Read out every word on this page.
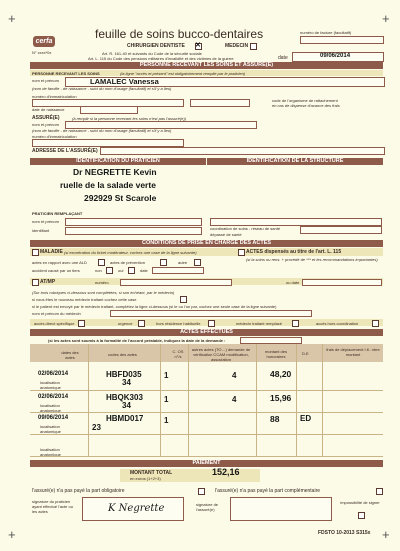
+	+
+	+
cerfa
N° xxxx*0x
feuille de soins bucco-dentaires
CHIRURGIEN DENTISTE ✕	MEDECIN
Art. R. 161-40 et suivants du Code de la sécurité sociale
Art. L. 115 du Code des pensions militaires d'invalidité et des victimes de la guerre
numéro de facture (facultatif)
date	09/06/2014
PERSONNE RECEVANT LES SOINS ET ASSURÉ(E)
PERSONNE RECEVANT LES SOINS	(la ligne "accès et présent" est obligatoirement remplie par le praticien)
nom et prénom	LAMALEC Vanessa
(nom de famille - de naissance - suivi du nom d'usage (facultatif) et s'il y a lieu)
numéro d'immatriculation
date de naissance
code de l'organisme de rattachement
en cas de dispense d'avance des frais
ASSURÉ(E)	(à remplir si la personne recevant les soins n'est pas l'assuré(e))
nom et prénom
(nom de famille - de naissance - suivi du nom d'usage (facultatif) et s'il y a lieu)
numéro d'immatriculation
ADRESSE DE L'ASSURÉ(E)
IDENTIFICATION DU PRATICIEN	IDENTIFICATION DE LA STRUCTURE
Dr NEGRETTE Kevin
ruelle de la salade verte
292929 St Scarole
PRATICIEN REMPLAÇANT
nom et prénom
identifiant	coordination de soins - réseau de santé
dépassé de santé
CONDITIONS DE PRISE EN CHARGE DES ACTES
MALADIE (si exonération du ticket modérateur, cochez une case de la ligne suivante)	ACTES dispensés au titre de l'art. L. 115
(si la soins ou rens. + procédé de *** et les recommandations importantes)
actes en rapport avec une ALD	actes de prévention	autre
accident causé par un tiers	non	oui	date
AT/MP	numéro	ou date
(Sur trois rubriques ci-dessous sont complétées, si son échéant, par le médecin)
si vous êtes le nouveau médecin traitant cochez cette case
si le patient est envoyé par le médecin traitant, complétez la ligne ci-dessous (si le ou l'un par, cochez une seule case de la ligne suivante)
nom et prénom du médecin
accès direct spécifique	urgence	hors résidence habituelle	médecin traitant remplacé	accès hors coordination
ACTES EFFECTUÉS
(si les actes sont soumis à la formalité de l'accord préalable, indiquez la date de la demande :
dates des actes
codes des actes
C. OS n°/s
autres actes (TO…) demande de vérification CCAM modification, association
montant des honoraires
D.E
frais de déplacement I.K. nbre montant
02/06/2014	HBFD035	1	4	48,20
localisation anatomique
34
02/06/2014	HBQK303	1	4	15,96
localisation anatomique
34
09/06/2014	HBMD017	1	88	ED
localisation anatomique	23
localisation anatomique
PAIEMENT
MONTANT TOTAL
en euros (1+2+3)
152,16
l'assuré(e) n'a pas payé la part obligatoire	l'assuré(e) n'a pas payé la part complémentaire
signature du praticien ayant effectué l'acte ou les actes	K Negrette	signature de l'assuré(e)
impossibilité de signer
FDSTO 10-2013 S315x
